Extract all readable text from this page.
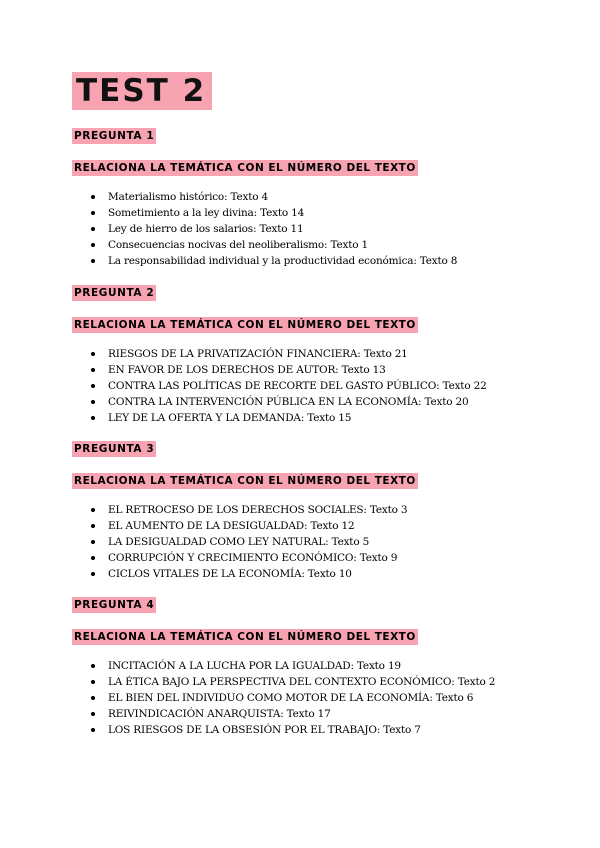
TEST 2
PREGUNTA 1
RELACIONA LA TEMÁTICA CON EL NÚMERO DEL TEXTO
Materialismo histórico: Texto 4
Sometimiento a la ley divina: Texto 14
Ley de hierro de los salarios: Texto 11
Consecuencias nocivas del neoliberalismo: Texto 1
La responsabilidad individual y la productividad económica: Texto 8
PREGUNTA 2
RELACIONA LA TEMÁTICA CON EL NÚMERO DEL TEXTO
RIESGOS DE LA PRIVATIZACIÓN FINANCIERA: Texto 21
EN FAVOR DE LOS DERECHOS DE AUTOR: Texto 13
CONTRA LAS POLÍTICAS DE RECORTE DEL GASTO PÚBLICO: Texto 22
CONTRA LA INTERVENCIÓN PÚBLICA EN LA ECONOMÍA: Texto 20
LEY DE LA OFERTA Y LA DEMANDA: Texto 15
PREGUNTA 3
RELACIONA LA TEMÁTICA CON EL NÚMERO DEL TEXTO
EL RETROCESO DE LOS DERECHOS SOCIALES: Texto 3
EL AUMENTO DE LA DESIGUALDAD: Texto 12
LA DESIGUALDAD COMO LEY NATURAL: Texto 5
CORRUPCIÓN Y CRECIMIENTO ECONÓMICO: Texto 9
CICLOS VITALES DE LA ECONOMÍA: Texto 10
PREGUNTA 4
RELACIONA LA TEMÁTICA CON EL NÚMERO DEL TEXTO
INCITACIÓN A LA LUCHA POR LA IGUALDAD: Texto 19
LA ÉTICA BAJO LA PERSPECTIVA DEL CONTEXTO ECONÓMICO: Texto 2
EL BIEN DEL INDIVIDUO COMO MOTOR DE LA ECONOMÍA: Texto 6
REIVINDICACIÓN ANARQUISTA: Texto 17
LOS RIESGOS DE LA OBSESIÓN POR EL TRABAJO: Texto 7
